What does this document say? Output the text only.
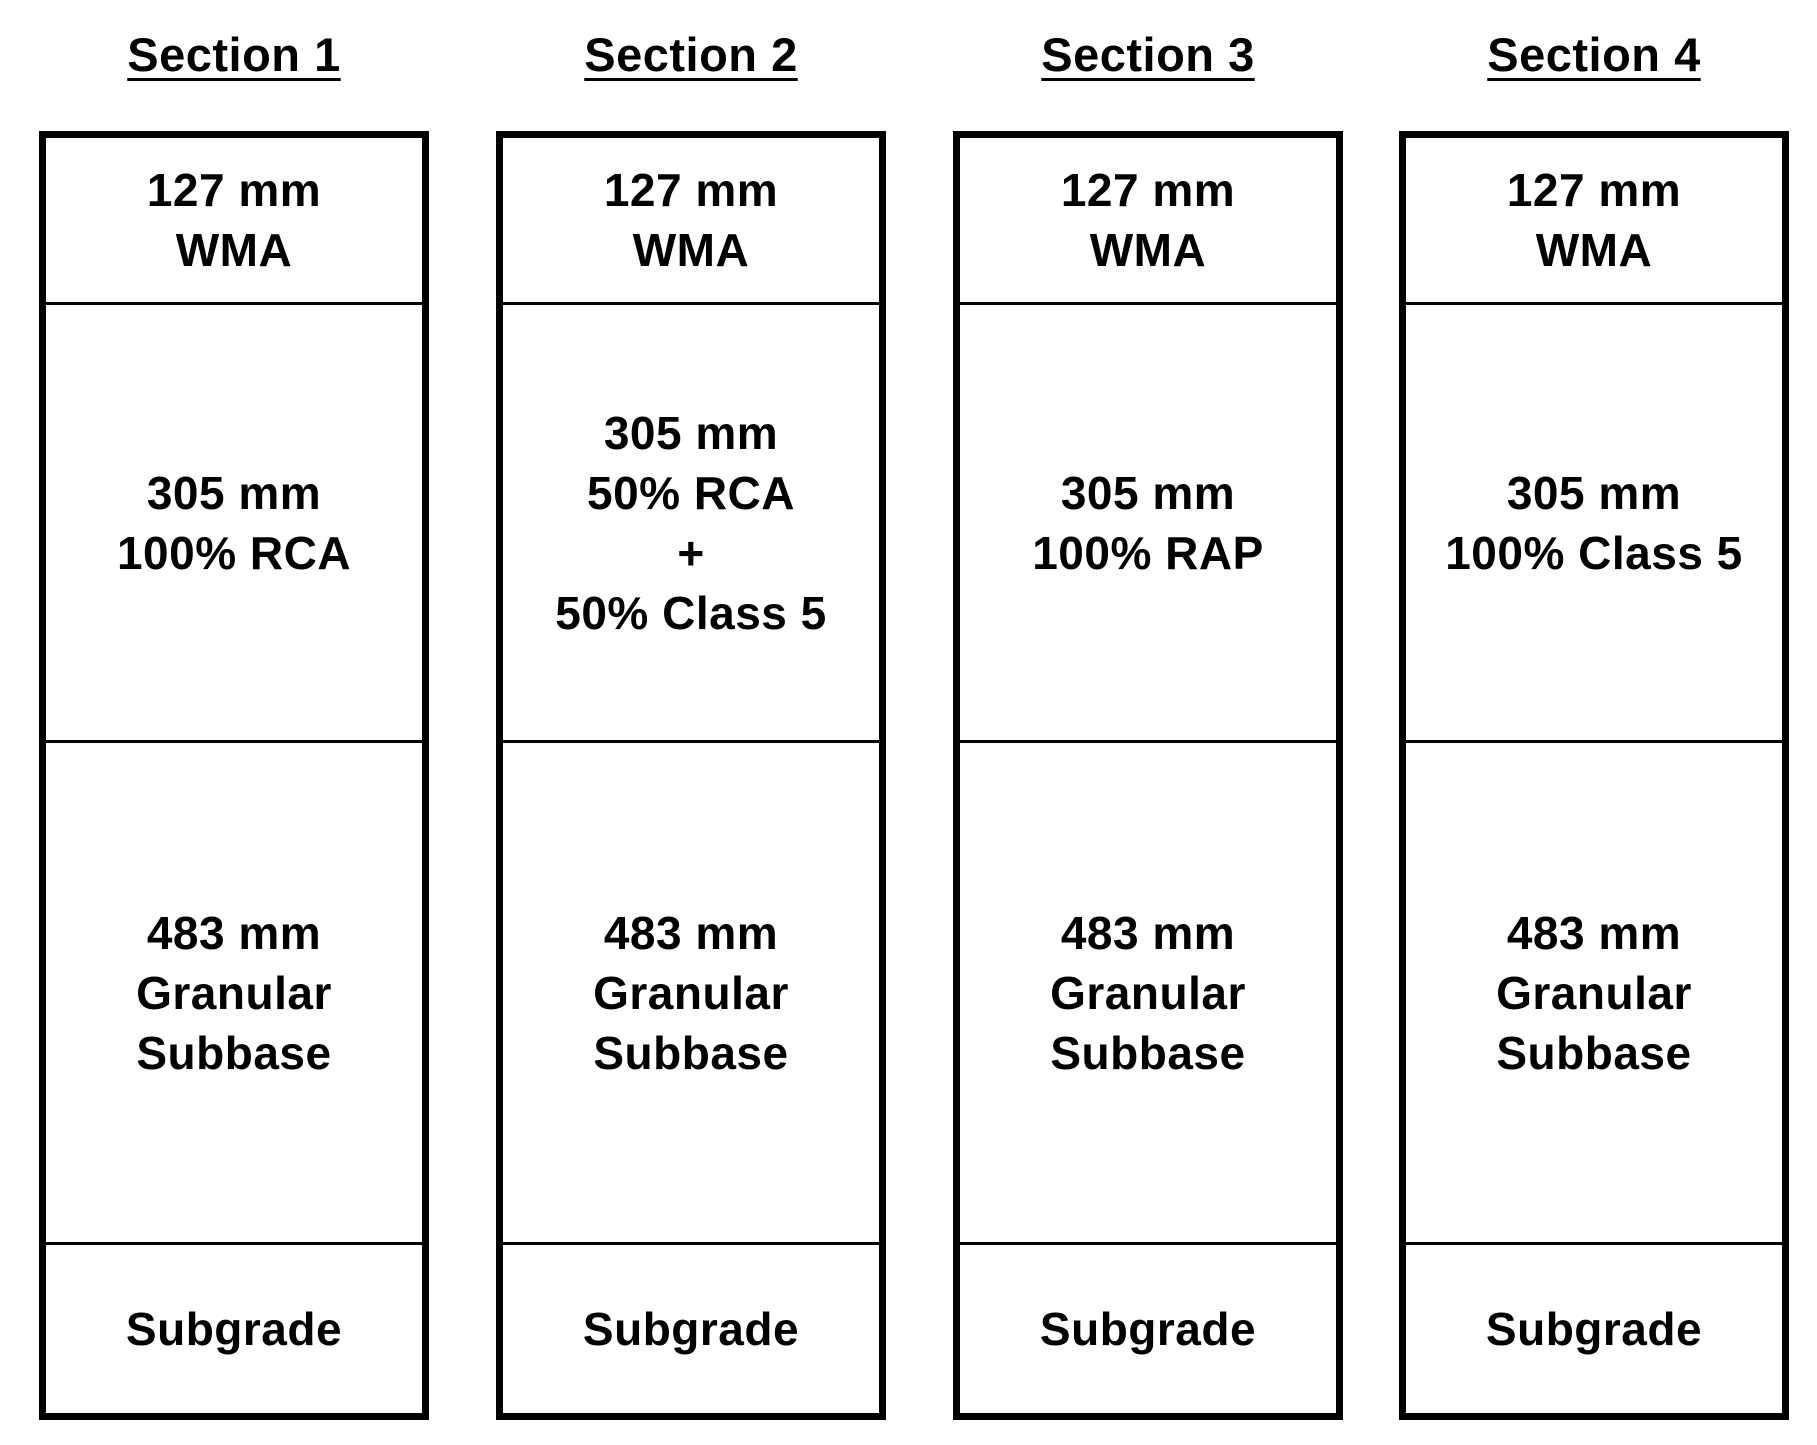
Section 1
127 mm
WMA
305 mm
100% RCA
483 mm
Granular
Subbase
Subgrade
Section 2
127 mm
WMA
305 mm
50% RCA
+
50% Class 5
483 mm
Granular
Subbase
Subgrade
Section 3
127 mm
WMA
305 mm
100% RAP
483 mm
Granular
Subbase
Subgrade
Section 4
127 mm
WMA
305 mm
100% Class 5
483 mm
Granular
Subbase
Subgrade
